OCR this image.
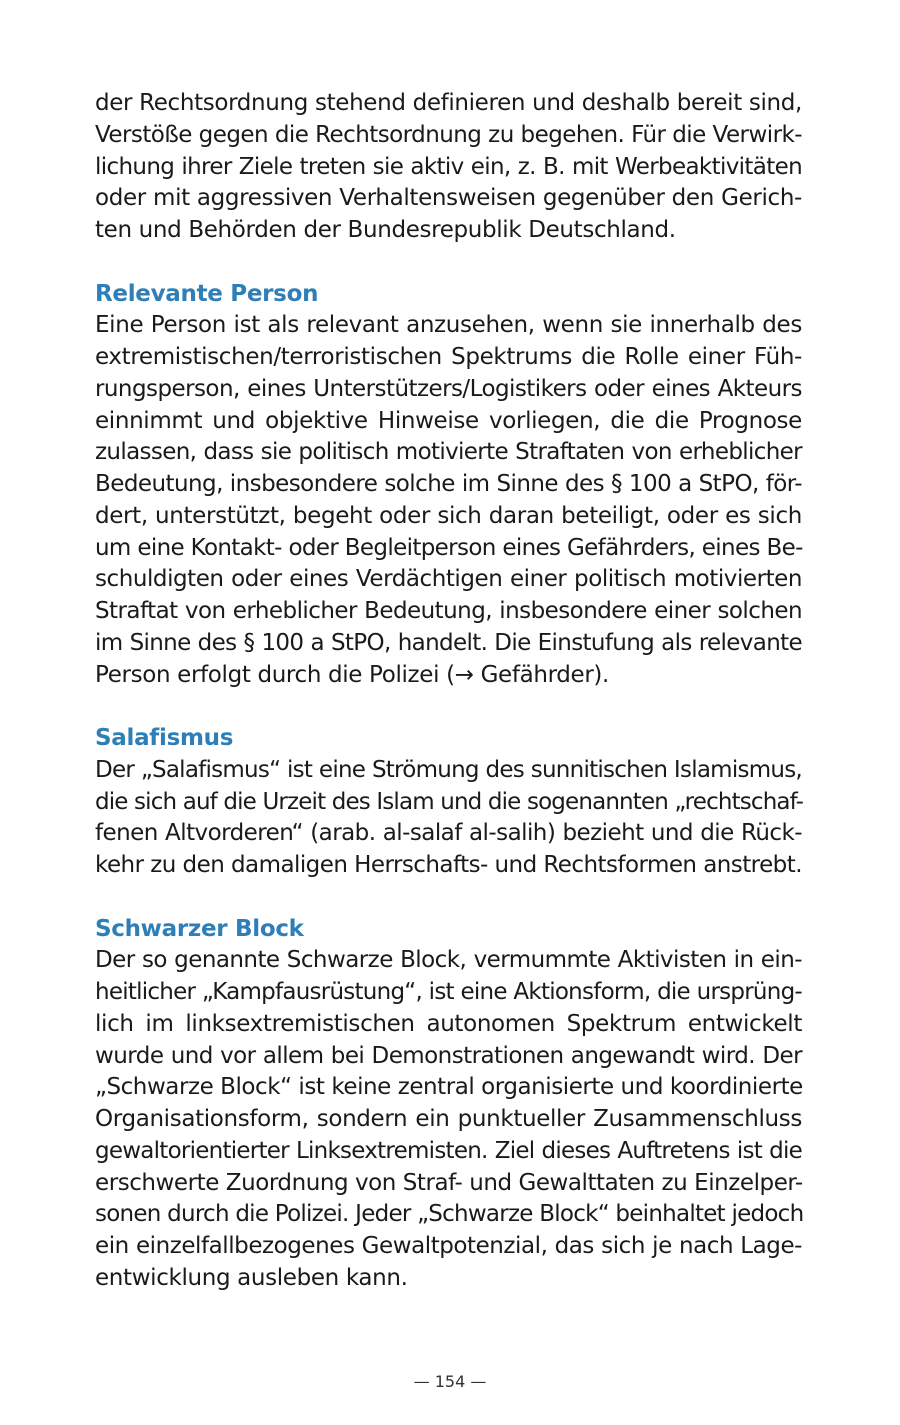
der Rechtsordnung stehend definieren und deshalb bereit sind,
Verstöße gegen die Rechtsordnung zu begehen. Für die Verwirk-
lichung ihrer Ziele treten sie aktiv ein, z. B. mit Werbeaktivitäten
oder mit aggressiven Verhaltensweisen gegenüber den Gerich-
ten und Behörden der Bundesrepublik Deutschland.
Relevante Person
Eine Person ist als relevant anzusehen, wenn sie innerhalb des
extremistischen/terroristischen Spektrums die Rolle einer Füh-
rungsperson, eines Unterstützers/Logistikers oder eines Akteurs
einnimmt und objektive Hinweise vorliegen, die die Prognose
zulassen, dass sie politisch motivierte Straftaten von erheblicher
Bedeutung, insbesondere solche im Sinne des § 100 a StPO, för-
dert, unterstützt, begeht oder sich daran beteiligt, oder es sich
um eine Kontakt- oder Begleitperson eines Gefährders, eines Be-
schuldigten oder eines Verdächtigen einer politisch motivierten
Straftat von erheblicher Bedeutung, insbesondere einer solchen
im Sinne des § 100 a StPO, handelt. Die Einstufung als relevante
Person erfolgt durch die Polizei (→ Gefährder).
Salafismus
Der „Salafismus“ ist eine Strömung des sunnitischen Islamismus,
die sich auf die Urzeit des Islam und die sogenannten „rechtschaf-
fenen Altvorderen“ (arab. al-salaf al-salih) bezieht und die Rück-
kehr zu den damaligen Herrschafts- und Rechtsformen anstrebt.
Schwarzer Block
Der so genannte Schwarze Block, vermummte Aktivisten in ein-
heitlicher „Kampfausrüstung“, ist eine Aktionsform, die ursprüng-
lich im linksextremistischen autonomen Spektrum entwickelt
wurde und vor allem bei Demonstrationen angewandt wird. Der
„Schwarze Block“ ist keine zentral organisierte und koordinierte
Organisationsform, sondern ein punktueller Zusammenschluss
gewaltorientierter Linksextremisten. Ziel dieses Auftretens ist die
erschwerte Zuordnung von Straf- und Gewalttaten zu Einzelper-
sonen durch die Polizei. Jeder „Schwarze Block“ beinhaltet jedoch
ein einzelfallbezogenes Gewaltpotenzial, das sich je nach Lage-
entwicklung ausleben kann.
— 154 —
